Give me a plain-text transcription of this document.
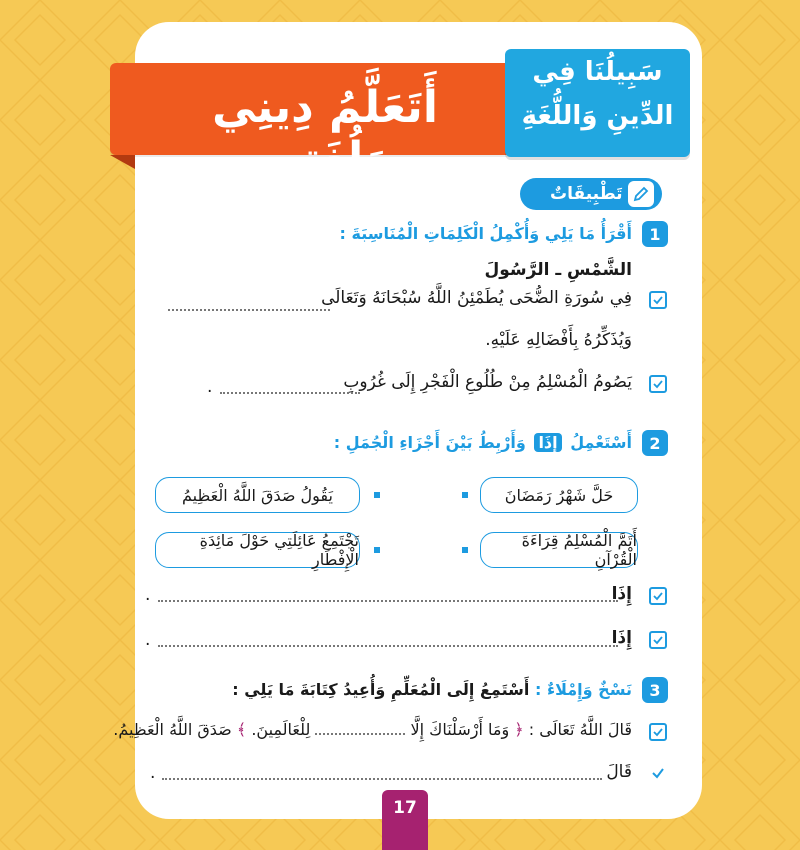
أَتَعَلَّمُ دِينِي وَلُغَتِي
سَبِيلُنَا فِي
الدِّينِ وَاللُّغَةِ
تَطْبِيقَاتٌ
1
أَقْرَأُ مَا يَلِي وَأُكْمِلُ الْكَلِمَاتِ الْمُنَاسِبَةَ :
الشَّمْسِ ـ الرَّسُولَ
فِي سُورَةِ الضُّحَى يُطَمْئِنُ اللَّهُ سُبْحَانَهُ وَتَعَالَى
وَيُذَكِّرُهُ بِأَفْضَالِهِ عَلَيْهِ.
يَصُومُ الْمُسْلِمُ مِنْ طُلُوعِ الْفَجْرِ إِلَى غُرُوبِ
.
2
أَسْتَعْمِلُ إِذَا وَأَرْبِطُ بَيْنَ أَجْزَاءِ الْجُمَلِ :
حَلَّ شَهْرُ رَمَضَانَ
يَقُولُ صَدَقَ اللَّهُ الْعَظِيمُ
أَتَمَّ الْمُسْلِمُ قِرَاءَةَ الْقُرْآنِ
تَجْتَمِعُ عَائِلَتِي حَوْلَ مَائِدَةِ الْإِفْطَارِ
إِذَا
.
إِذَا
.
3
نَسْخٌ وَإِمْلَاءٌ : أَسْتَمِعُ إِلَى الْمُعَلِّمِ وَأُعِيدُ كِتَابَةَ مَا يَلِي :
قَالَ اللَّهُ تَعَالَى : ﴿ وَمَا أَرْسَلْنَاكَ إِلَّا  لِلْعَالَمِينَ. ﴾ صَدَقَ اللَّهُ الْعَظِيمُ.
قَالَ
.
17
